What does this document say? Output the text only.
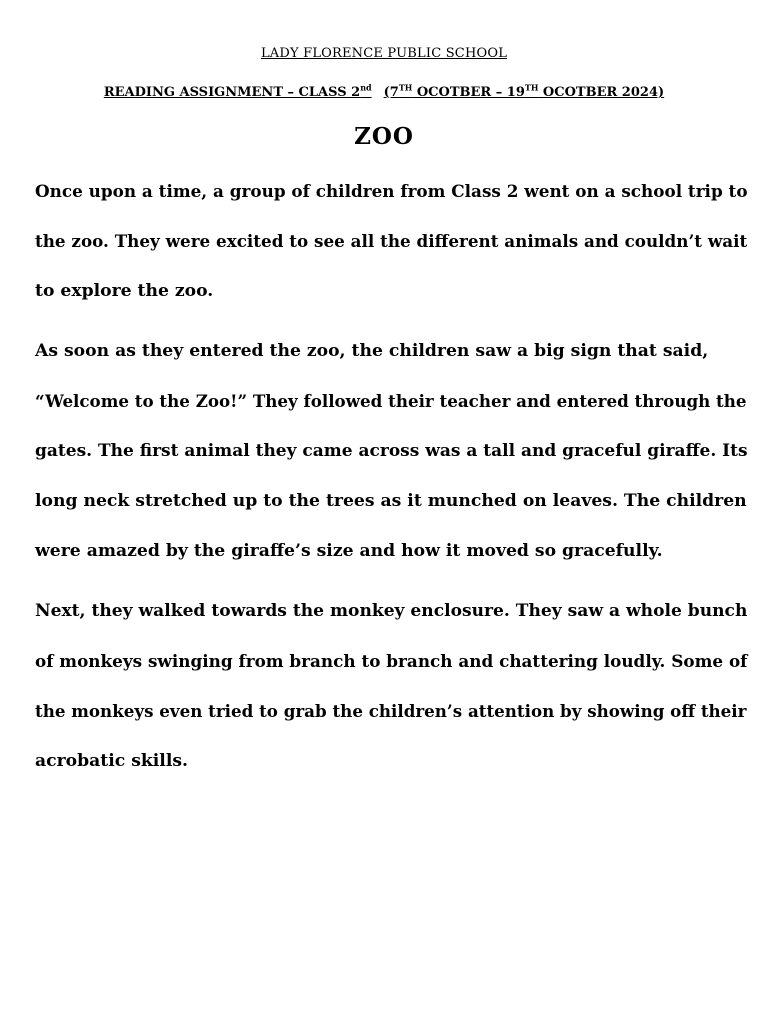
LADY FLORENCE PUBLIC SCHOOL
READING ASSIGNMENT – CLASS 2nd (7TH OCOTBER – 19TH OCOTBER 2024)
ZOO
Once upon a time, a group of children from Class 2 went on a school trip to
the zoo. They were excited to see all the different animals and couldn’t wait
to explore the zoo.
As soon as they entered the zoo, the children saw a big sign that said,
“Welcome to the Zoo!” They followed their teacher and entered through the
gates. The first animal they came across was a tall and graceful giraffe. Its
long neck stretched up to the trees as it munched on leaves. The children
were amazed by the giraffe’s size and how it moved so gracefully.
Next, they walked towards the monkey enclosure. They saw a whole bunch
of monkeys swinging from branch to branch and chattering loudly. Some of
the monkeys even tried to grab the children’s attention by showing off their
acrobatic skills.
